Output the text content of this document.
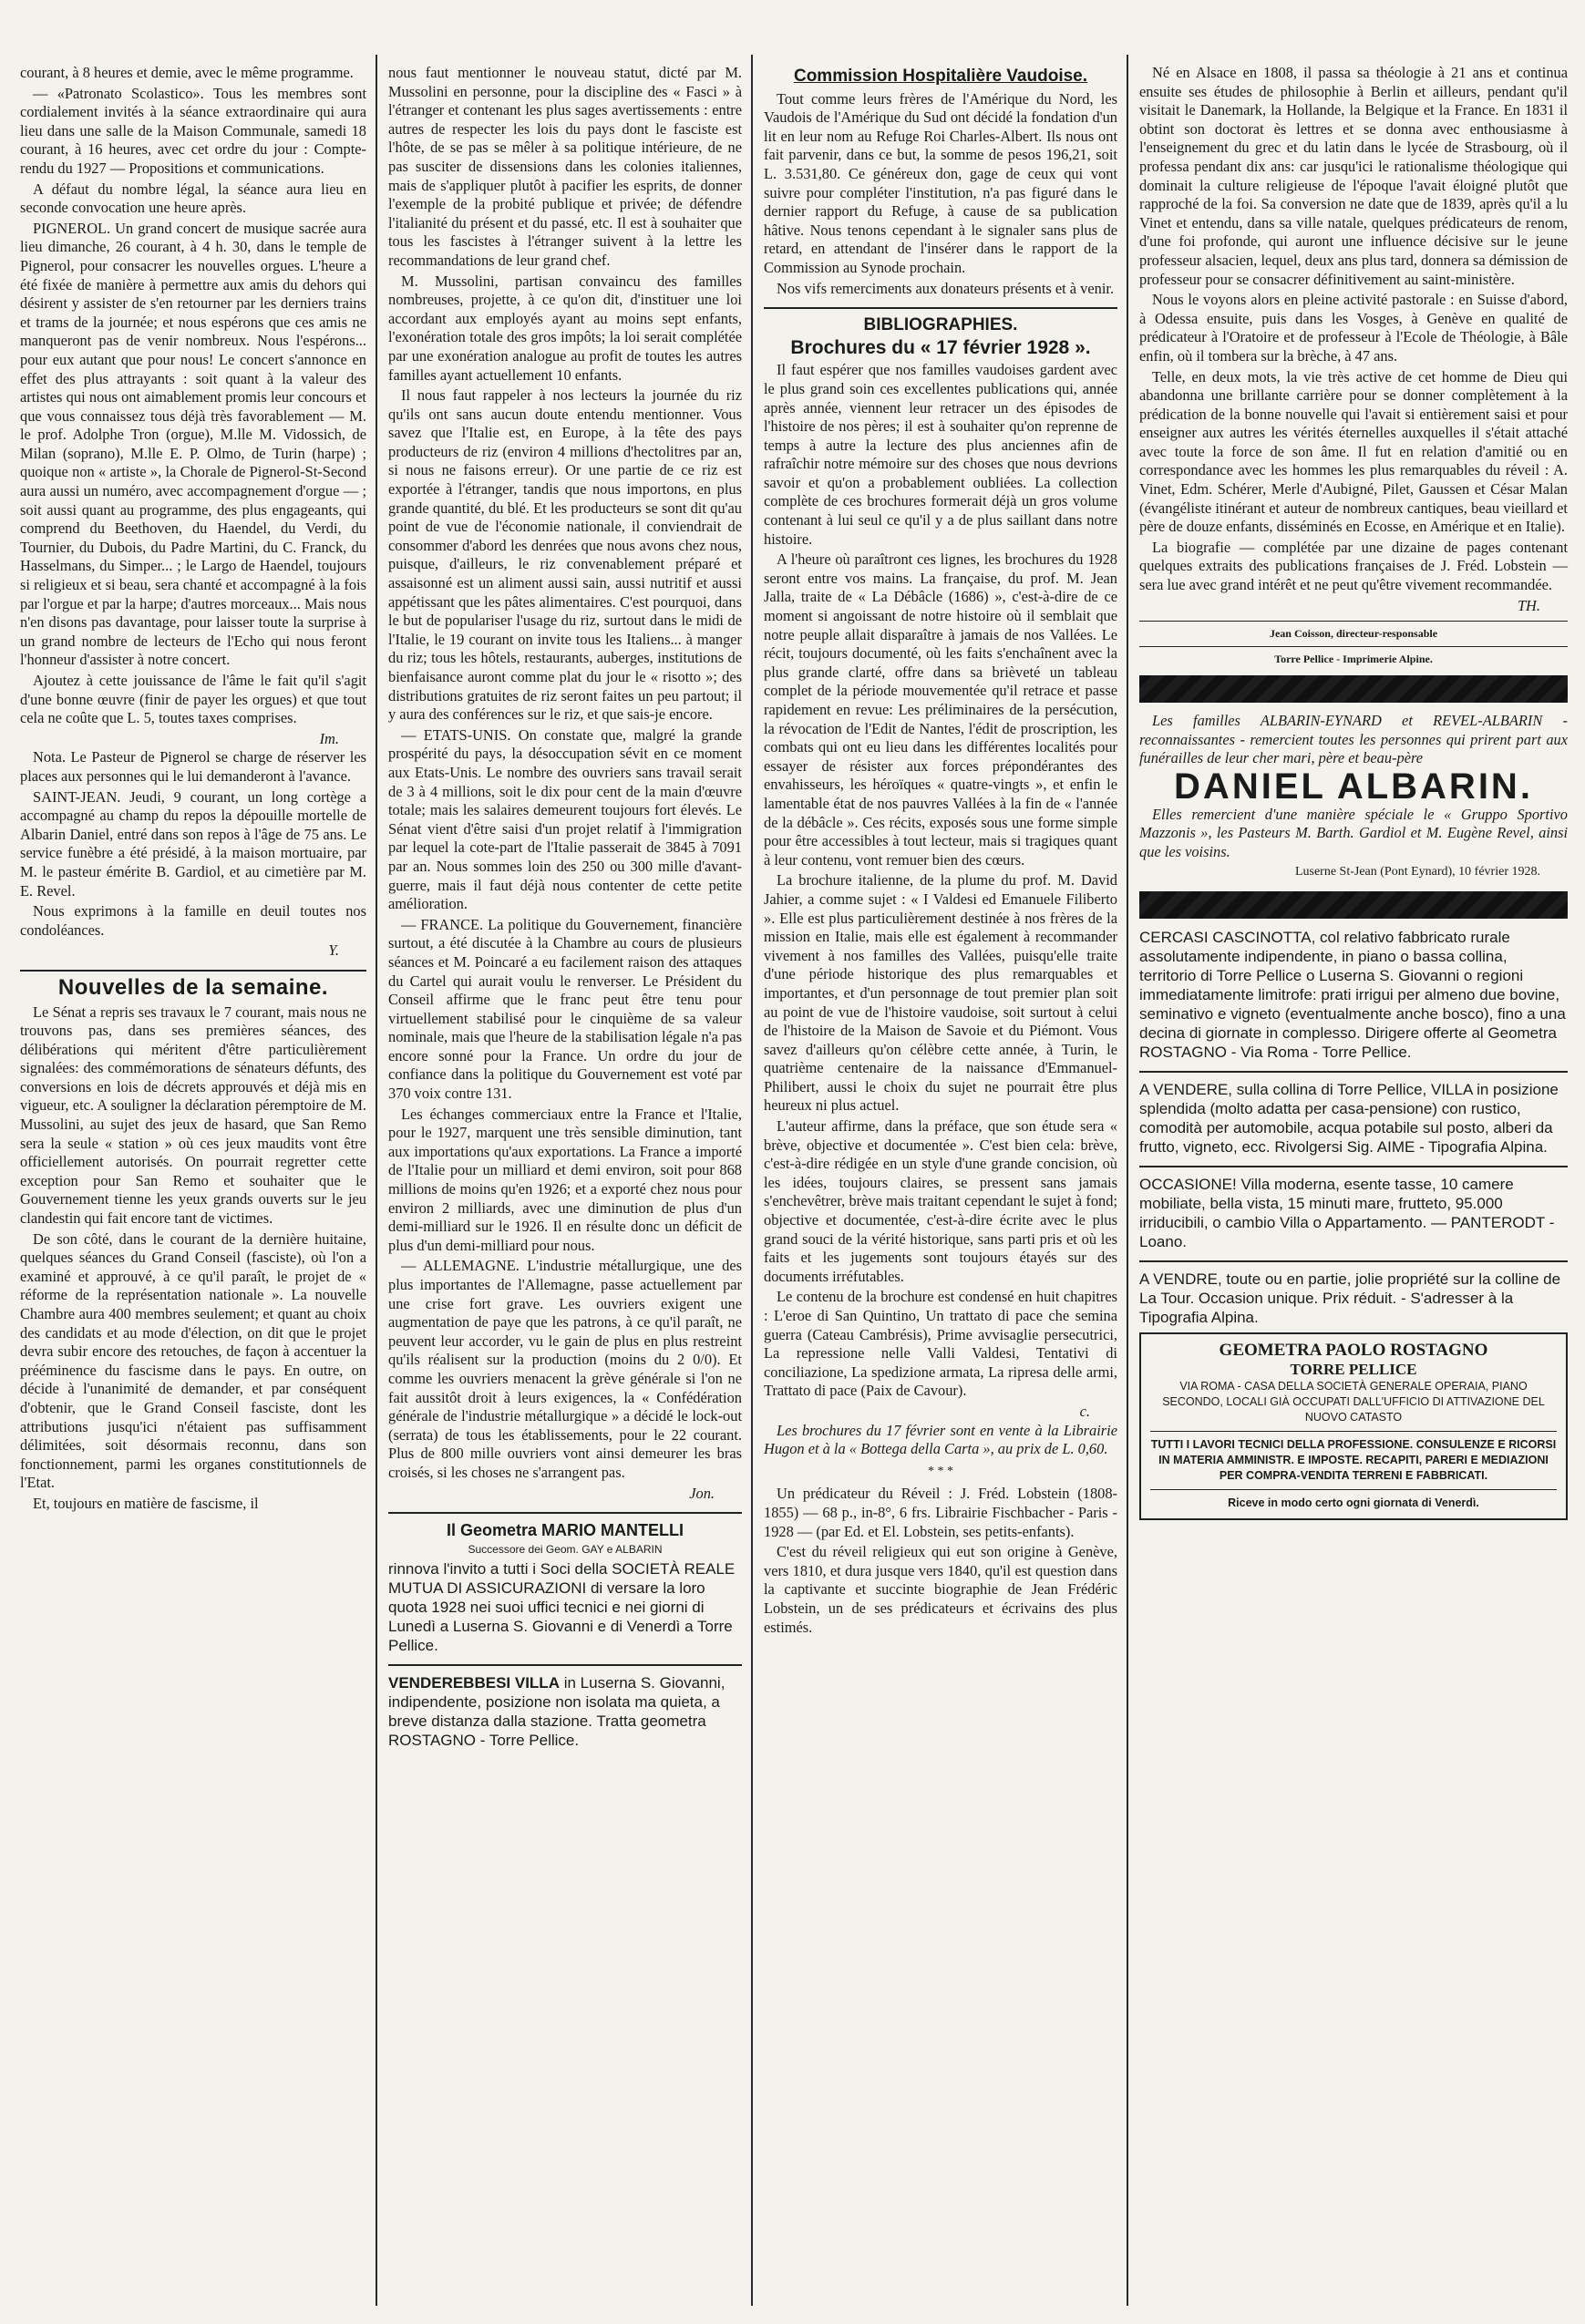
courant, à 8 heures et demie, avec le même programme.

— «Patronato Scolastico». Tous les membres sont cordialement invités à la séance extraordinaire qui aura lieu dans une salle de la Maison Communale, samedi 18 courant, à 16 heures, avec cet ordre du jour : Compte-rendu du 1927 — Propositions et communications.

A défaut du nombre légal, la séance aura lieu en seconde convocation une heure après.

PIGNEROL. Un grand concert de musique sacrée aura lieu dimanche, 26 courant, à 4 h. 30, dans le temple de Pignerol, pour consacrer les nouvelles orgues. L'heure a été fixée de manière à permettre aux amis du dehors qui désirent y assister de s'en retourner par les derniers trains et trams de la journée; et nous espérons que ces amis ne manqueront pas de venir nombreux. Nous l'espérons... pour eux autant que pour nous! Le concert s'annonce en effet des plus attrayants : soit quant à la valeur des artistes qui nous ont aimablement promis leur concours et que vous connaissez tous déjà très favorablement — M. le prof. Adolphe Tron (orgue), M.lle M. Vidossich, de Milan (soprano), M.lle E. P. Olmo, de Turin (harpe) ; quoique non « artiste », la Chorale de Pignerol-St-Second aura aussi un numéro, avec accompagnement d'orgue — ; soit aussi quant au programme, des plus engageants, qui comprend du Beethoven, du Haendel, du Verdi, du Tournier, du Dubois, du Padre Martini, du C. Franck, du Hasselmans, du Simper... ; le Largo de Haendel, toujours si religieux et si beau, sera chanté et accompagné à la fois par l'orgue et par la harpe; d'autres morceaux... Mais nous n'en disons pas davantage, pour laisser toute la surprise à un grand nombre de lecteurs de l'Echo qui nous feront l'honneur d'assister à notre concert.

Ajoutez à cette jouissance de l'âme le fait qu'il s'agit d'une bonne œuvre (finir de payer les orgues) et que tout cela ne coûte que L. 5, toutes taxes comprises.

Im.

Nota. Le Pasteur de Pignerol se charge de réserver les places aux personnes qui le lui demanderont à l'avance.

SAINT-JEAN. Jeudi, 9 courant, un long cortège a accompagné au champ du repos la dépouille mortelle de Albarin Daniel, entré dans son repos à l'âge de 75 ans. Le service funèbre a été présidé, à la maison mortuaire, par M. le pasteur émérite B. Gardiol, et au cimetière par M. E. Revel.

Nous exprimons à la famille en deuil toutes nos condoléances.

Y.
Nouvelles de la semaine.

Le Sénat a repris ses travaux le 7 courant, mais nous ne trouvons pas, dans ses premières séances, des délibérations qui méritent d'être particulièrement signalées: des commémorations de sénateurs défunts, des conversions en lois de décrets approuvés et déjà mis en vigueur, etc. A souligner la déclaration péremptoire de M. Mussolini, au sujet des jeux de hasard, que San Remo sera la seule « station » où ces jeux maudits vont être officiellement autorisés. On pourrait regretter cette exception pour San Remo et souhaiter que le Gouvernement tienne les yeux grands ouverts sur le jeu clandestin qui fait encore tant de victimes.

De son côté, dans le courant de la dernière huitaine, quelques séances du Grand Conseil (fasciste), où l'on a examiné et approuvé, à ce qu'il paraît, le projet de « réforme de la représentation nationale ». La nouvelle Chambre aura 400 membres seulement; et quant au choix des candidats et au mode d'élection, on dit que le projet devra subir encore des retouches, de façon à accentuer la prééminence du fascisme dans le pays. En outre, on décide à l'unanimité de demander, et par conséquent d'obtenir, que le Grand Conseil fasciste, dont les attributions jusqu'ici n'étaient pas suffisamment délimitées, soit désormais reconnu, dans son fonctionnement, parmi les organes constitutionnels de l'Etat.

Et, toujours en matière de fascisme, il

nous faut mentionner le nouveau statut, dicté par M. Mussolini en personne, pour la discipline des « Fasci » à l'étranger et contenant les plus sages avertissements : entre autres de respecter les lois du pays dont le fasciste est l'hôte, de se pas se mêler à sa politique intérieure, de ne pas susciter de dissensions dans les colonies italiennes, mais de s'appliquer plutôt à pacifier les esprits, de donner l'exemple de la probité publique et privée; de défendre l'italianité du présent et du passé, etc. Il est à souhaiter que tous les fascistes à l'étranger suivent à la lettre les recommandations de leur grand chef.

M. Mussolini, partisan convaincu des familles nombreuses, projette, à ce qu'on dit, d'instituer une loi accordant aux employés ayant au moins sept enfants, l'exonération totale des gros impôts; la loi serait complétée par une exonération analogue au profit de toutes les autres familles ayant actuellement 10 enfants.

Il nous faut rappeler à nos lecteurs la journée du riz qu'ils ont sans aucun doute entendu mentionner. Vous savez que l'Italie est, en Europe, à la tête des pays producteurs de riz (environ 4 millions d'hectolitres par an, si nous ne faisons erreur). Or une partie de ce riz est exportée à l'étranger, tandis que nous importons, en plus grande quantité, du blé. Et les producteurs se sont dit qu'au point de vue de l'économie nationale, il conviendrait de consommer d'abord les denrées que nous avons chez nous, puisque, d'ailleurs, le riz convenablement préparé et assaisonné est un aliment aussi sain, aussi nutritif et aussi appétissant que les pâtes alimentaires. C'est pourquoi, dans le but de populariser l'usage du riz, surtout dans le midi de l'Italie, le 19 courant on invite tous les Italiens... à manger du riz; tous les hôtels, restaurants, auberges, institutions de bienfaisance auront comme plat du jour le « risotto »; des distributions gratuites de riz seront faites un peu partout; il y aura des conférences sur le riz, et que sais-je encore.

— ETATS-UNIS. On constate que, malgré la grande prospérité du pays, la désoccupation sévit en ce moment aux Etats-Unis. Le nombre des ouvriers sans travail serait de 3 à 4 millions, soit le dix pour cent de la main d'œuvre totale; mais les salaires demeurent toujours fort élevés. Le Sénat vient d'être saisi d'un projet relatif à l'immigration par lequel la cote-part de l'Italie passerait de 3845 à 7091 par an. Nous sommes loin des 250 ou 300 mille d'avant-guerre, mais il faut déjà nous contenter de cette petite amélioration.

— FRANCE. La politique du Gouvernement, financière surtout, a été discutée à la Chambre au cours de plusieurs séances et M. Poincaré a eu facilement raison des attaques du Cartel qui aurait voulu le renverser. Le Président du Conseil affirme que le franc peut être tenu pour virtuellement stabilisé pour le cinquième de sa valeur nominale, mais que l'heure de la stabilisation légale n'a pas encore sonné pour la France. Un ordre du jour de confiance dans la politique du Gouvernement est voté par 370 voix contre 131.

Les échanges commerciaux entre la France et l'Italie, pour le 1927, marquent une très sensible diminution, tant aux importations qu'aux exportations. La France a importé de l'Italie pour un milliard et demi environ, soit pour 868 millions de moins qu'en 1926; et a exporté chez nous pour environ 2 milliards, avec une diminution de plus d'un demi-milliard sur le 1926. Il en résulte donc un déficit de plus d'un demi-milliard pour nous.

— ALLEMAGNE. L'industrie métallurgique, une des plus importantes de l'Allemagne, passe actuellement par une crise fort grave. Les ouvriers exigent une augmentation de paye que les patrons, à ce qu'il paraît, ne peuvent leur accorder, vu le gain de plus en plus restreint qu'ils réalisent sur la production (moins du 2 0/0). Et comme les ouvriers menacent la grève générale si l'on ne fait aussitôt droit à leurs exigences, la « Confédération générale de l'industrie métallurgique » a décidé le lock-out (serrata) de tous les établissements, pour le 22 courant. Plus de 800 mille ouvriers vont ainsi demeurer les bras croisés, si les choses ne s'arrangent pas.

Jon.
Il Geometra MARIO MANTELLI
Successore dei Geom. GAY e ALBARIN
rinnova l'invito a tutti i Soci della SOCIETÀ REALE MUTUA DI ASSICURAZIONI di versare la loro quota 1928 nei suoi uffici tecnici e nei giorni di Lunedì a Luserna S. Giovanni e di Venerdì a Torre Pellice.
VENDEREBBESI VILLA in Luserna S. Giovanni, indipendente, posizione non isolata ma quieta, a breve distanza dalla stazione. Tratta geometra ROSTAGNO - Torre Pellice.
Commission Hospitalière Vaudoise.

Tout comme leurs frères de l'Amérique du Nord, les Vaudois de l'Amérique du Sud ont décidé la fondation d'un lit en leur nom au Refuge Roi Charles-Albert. Ils nous ont fait parvenir, dans ce but, la somme de pesos 196,21, soit L. 3.531,80. Ce généreux don, gage de ceux qui vont suivre pour compléter l'institution, n'a pas figuré dans le dernier rapport du Refuge, à cause de sa publication hâtive. Nous tenons cependant à le signaler sans plus de retard, en attendant de l'insérer dans le rapport de la Commission au Synode prochain.

Nos vifs remerciments aux donateurs présents et à venir.

BIBLIOGRAPHIES.
Brochures du « 17 février 1928 ».

Il faut espérer que nos familles vaudoises gardent avec le plus grand soin ces excellentes publications qui, année après année, viennent leur retracer un des épisodes de l'histoire de nos pères; il est à souhaiter qu'on reprenne de temps à autre la lecture des plus anciennes afin de rafraîchir notre mémoire sur des choses que nous devrions savoir et qu'on a probablement oubliées. La collection complète de ces brochures formerait déjà un gros volume contenant à lui seul ce qu'il y a de plus saillant dans notre histoire.

A l'heure où paraîtront ces lignes, les brochures du 1928 seront entre vos mains. La française, du prof. M. Jean Jalla, traite de « La Débâcle (1686) », c'est-à-dire de ce moment si angoissant de notre histoire où il semblait que notre peuple allait disparaître à jamais de nos Vallées. Le récit, toujours documenté, où les faits s'enchaînent avec la plus grande clarté, offre dans sa brièveté un tableau complet de la période mouvementée qu'il retrace et passe rapidement en revue: Les préliminaires de la persécution, la révocation de l'Edit de Nantes, l'édit de proscription, les combats qui ont eu lieu dans les différentes localités pour essayer de résister aux forces prépondérantes des envahisseurs, les héroïques « quatre-vingts », et enfin le lamentable état de nos pauvres Vallées à la fin de « l'année de la débâcle ». Ces récits, exposés sous une forme simple pour être accessibles à tout lecteur, mais si tragiques quant à leur contenu, vont remuer bien des cœurs.

La brochure italienne, de la plume du prof. M. David Jahier, a comme sujet : « I Valdesi ed Emanuele Filiberto ». Elle est plus particulièrement destinée à nos frères de la mission en Italie, mais elle est également à recommander vivement à nos familles des Vallées, puisqu'elle traite d'une période historique des plus remarquables et importantes, et d'un personnage de tout premier plan soit au point de vue de l'histoire vaudoise, soit surtout à celui de l'histoire de la Maison de Savoie et du Piémont. Vous savez d'ailleurs qu'on célèbre cette année, à Turin, le quatrième centenaire de la naissance d'Emmanuel-Philibert, aussi le choix du sujet ne pourrait être plus heureux ni plus actuel.

L'auteur affirme, dans la préface, que son étude sera « brève, objective et documentée ». C'est bien cela: brève, c'est-à-dire rédigée en un style d'une grande concision, où les idées, toujours claires, se pressent sans jamais s'enchevêtrer, brève mais traitant cependant le sujet à fond; objective et documentée, c'est-à-dire écrite avec le plus grand souci de la vérité historique, sans parti pris et où les faits et les jugements sont toujours étayés sur des documents irréfutables.

Le contenu de la brochure est condensé en huit chapitres : L'eroe di San Quintino, Un trattato di pace che semina guerra (Cateau Cambrésis), Prime avvisaglie persecutrici, La repressione nelle Valli Valdesi, Tentativi di conciliazione, La spedizione armata, La ripresa delle armi, Trattato di pace (Paix de Cavour).

c.

Les brochures du 17 février sont en vente à la Librairie Hugon et à la « Bottega della Carta », au prix de L. 0,60.

* * *

Un prédicateur du Réveil : J. Fréd. Lobstein (1808-1855) — 68 p., in-8°, 6 frs. Librairie Fischbacher - Paris - 1928 — (par Ed. et El. Lobstein, ses petits-enfants).

C'est du réveil religieux qui eut son origine à Genève, vers 1810, et dura jusque vers 1840, qu'il est question dans la captivante et succinte biographie de Jean Frédéric Lobstein, un de ses prédicateurs et écrivains des plus estimés.

Né en Alsace en 1808, il passa sa théologie à 21 ans et continua ensuite ses études de philosophie à Berlin et ailleurs, pendant qu'il visitait le Danemark, la Hollande, la Belgique et la France. En 1831 il obtint son doctorat ès lettres et se donna avec enthousiasme à l'enseignement du grec et du latin dans le lycée de Strasbourg, où il professa pendant dix ans: car jusqu'ici le rationalisme théologique qui dominait la culture religieuse de l'époque l'avait éloigné plutôt que rapproché de la foi. Sa conversion ne date que de 1839, après qu'il a lu Vinet et entendu, dans sa ville natale, quelques prédicateurs de renom, d'une foi profonde, qui auront une influence décisive sur le jeune professeur alsacien, lequel, deux ans plus tard, donnera sa démission de professeur pour se consacrer définitivement au saint-ministère.

Nous le voyons alors en pleine activité pastorale : en Suisse d'abord, à Odessa ensuite, puis dans les Vosges, à Genève en qualité de prédicateur à l'Oratoire et de professeur à l'Ecole de Théologie, à Bâle enfin, où il tombera sur la brèche, à 47 ans.

Telle, en deux mots, la vie très active de cet homme de Dieu qui abandonna une brillante carrière pour se donner complètement à la prédication de la bonne nouvelle qui l'avait si entièrement saisi et pour enseigner aux autres les vérités éternelles auxquelles il s'était attaché avec toute la force de son âme. Il fut en relation d'amitié ou en correspondance avec les hommes les plus remarquables du réveil : A. Vinet, Edm. Schérer, Merle d'Aubigné, Pilet, Gaussen et César Malan (évangéliste itinérant et auteur de nombreux cantiques, beau vieillard et père de douze enfants, disséminés en Ecosse, en Amérique et en Italie).

La biografie — complétée par une dizaine de pages contenant quelques extraits des publications françaises de J. Fréd. Lobstein — sera lue avec grand intérêt et ne peut qu'être vivement recommandée.

TH.
Jean Coisson, directeur-responsable
Torre Pellice - Imprimerie Alpine.

Les familles ALBARIN-EYNARD et REVEL-ALBARIN - reconnaissantes - remercient toutes les personnes qui prirent part aux funérailles de leur cher mari, père et beau-père

DANIEL ALBARIN.

Elles remercient d'une manière spéciale le « Gruppo Sportivo Mazzonis », les Pasteurs M. Barth. Gardiol et M. Eugène Revel, ainsi que les voisins.

Luserne St-Jean (Pont Eynard), 10 février 1928.
CERCASI CASCINOTTA, col relativo fabbricato rurale assolutamente indipendente, in piano o bassa collina, territorio di Torre Pellice o Luserna S. Giovanni o regioni immediatamente limitrofe: prati irrigui per almeno due bovine, seminativo e vigneto (eventualmente anche bosco), fino a una decina di giornate in complesso. Dirigere offerte al Geometra ROSTAGNO - Via Roma - Torre Pellice.
A VENDERE, sulla collina di Torre Pellice, VILLA in posizione splendida (molto adatta per casa-pensione) con rustico, comodità per automobile, acqua potabile sul posto, alberi da frutto, vigneto, ecc. Rivolgersi Sig. AIME - Tipografia Alpina.
OCCASIONE! Villa moderna, esente tasse, 10 camere mobiliate, bella vista, 15 minuti mare, frutteto, 95.000 irriducibili, o cambio Villa o Appartamento. — PANTERODT - Loano.
A VENDRE, toute ou en partie, jolie propriété sur la colline de La Tour. Occasion unique. Prix réduit. - S'adresser à la Tipografia Alpina.
GEOMETRA PAOLO ROSTAGNO
TORRE PELLICE
VIA ROMA - CASA DELLA SOCIETÀ GENERALE OPERAIA, PIANO SECONDO, LOCALI GIÀ OCCUPATI DALL'UFFICIO DI ATTIVAZIONE DEL NUOVO CATASTO
TUTTI I LAVORI TECNICI DELLA PROFESSIONE. CONSULENZE E RICORSI IN MATERIA AMMINISTR. E IMPOSTE. RECAPITI, PARERI E MEDIAZIONI PER COMPRA-VENDITA TERRENI E FABBRICATI.
Riceve in modo certo ogni giornata di Venerdì.
